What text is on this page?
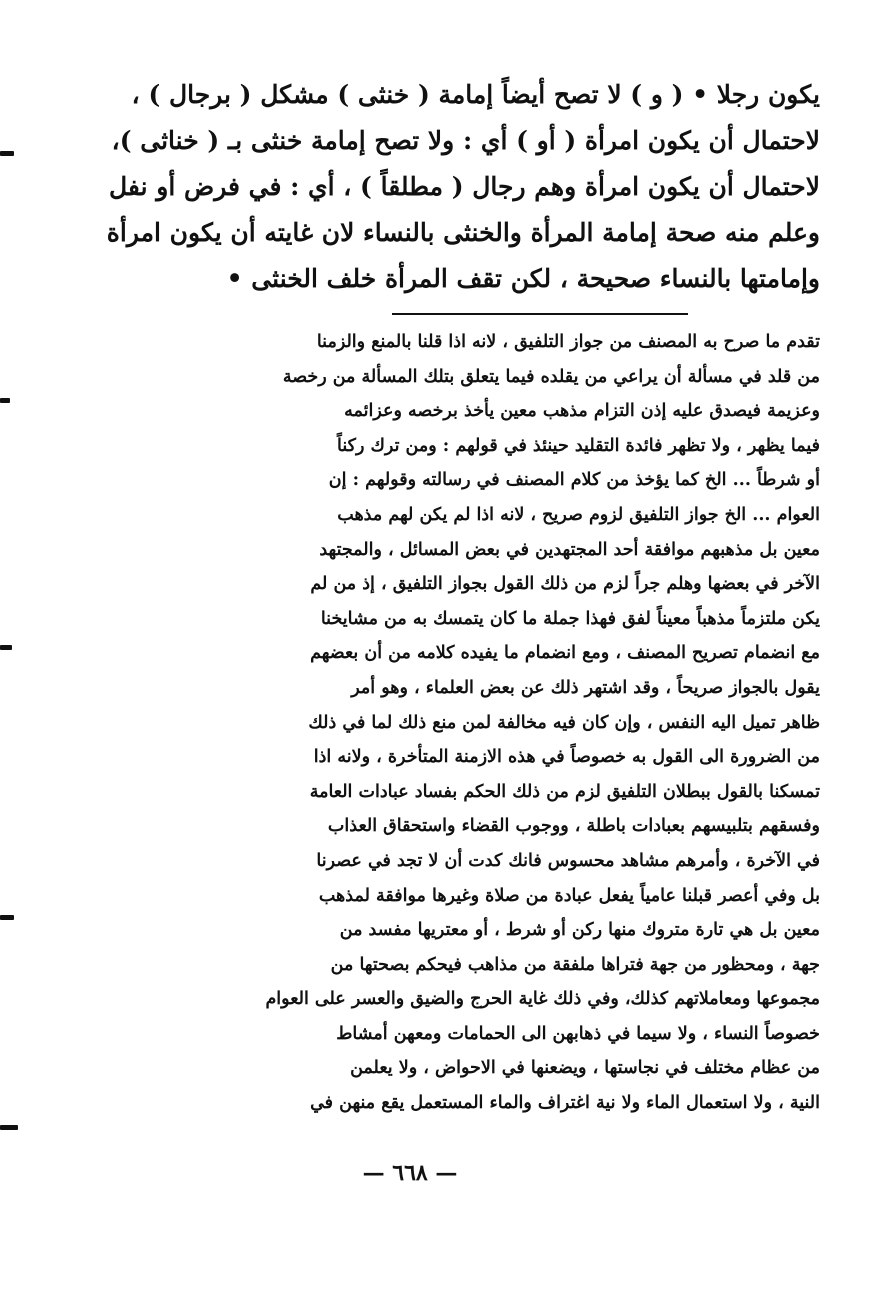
يكون رجلا • ( و ) لا تصح أيضاً إمامة ( خنثى ) مشكل ( برجال ) ،
لاحتمال أن يكون امرأة ( أو ) أي : ولا تصح إمامة خنثى بـ ( خناثى )،
لاحتمال أن يكون امرأة وهم رجال ( مطلقاً ) ، أي : في فرض أو نفل
وعلم منه صحة إمامة المرأة والخنثى بالنساء لان غايته أن يكون امرأة
وإمامتها بالنساء صحيحة ، لكن تقف المرأة خلف الخنثى •
تقدم ما صرح به المصنف من جواز التلفيق ، لانه اذا قلنا بالمنع والزمنا
من قلد في مسألة أن يراعي من يقلده فيما يتعلق بتلك المسألة من رخصة
وعزيمة فيصدق عليه إذن التزام مذهب معين يأخذ برخصه وعزائمه
فيما يظهر ، ولا تظهر فائدة التقليد حينئذ في قولهم : ومن ترك ركناً
أو شرطاً ... الخ كما يؤخذ من كلام المصنف في رسالته وقولهم : إن
العوام ... الخ جواز التلفيق لزوم صريح ، لانه اذا لم يكن لهم مذهب
معين بل مذهبهم موافقة أحد المجتهدين في بعض المسائل ، والمجتهد
الآخر في بعضها وهلم جراً لزم من ذلك القول بجواز التلفيق ، إذ من لم
يكن ملتزماً مذهباً معيناً لفق فهذا جملة ما كان يتمسك به من مشايخنا
مع انضمام تصريح المصنف ، ومع انضمام ما يفيده كلامه من أن بعضهم
يقول بالجواز صريحاً ، وقد اشتهر ذلك عن بعض العلماء ، وهو أمر
ظاهر تميل اليه النفس ، وإن كان فيه مخالفة لمن منع ذلك لما في ذلك
من الضرورة الى القول به خصوصاً في هذه الازمنة المتأخرة ، ولانه اذا
تمسكنا بالقول ببطلان التلفيق لزم من ذلك الحكم بفساد عبادات العامة
وفسقهم بتلبيسهم بعبادات باطلة ، ووجوب القضاء واستحقاق العذاب
في الآخرة ، وأمرهم مشاهد محسوس فانك كدت أن لا تجد في عصرنا
بل وفي أعصر قبلنا عامياً يفعل عبادة من صلاة وغيرها موافقة لمذهب
معين بل هي تارة متروك منها ركن أو شرط ، أو معتريها مفسد من
جهة ، ومحظور من جهة فتراها ملفقة من مذاهب فيحكم بصحتها من
مجموعها ومعاملاتهم كذلك، وفي ذلك غاية الحرج والضيق والعسر على العوام
خصوصاً النساء ، ولا سيما في ذهابهن الى الحمامات ومعهن أمشاط
من عظام مختلف في نجاستها ، ويضعنها في الاحواض ، ولا يعلمن
النية ، ولا استعمال الماء ولا نية اغتراف والماء المستعمل يقع منهن في
— ٦٦٨ —
